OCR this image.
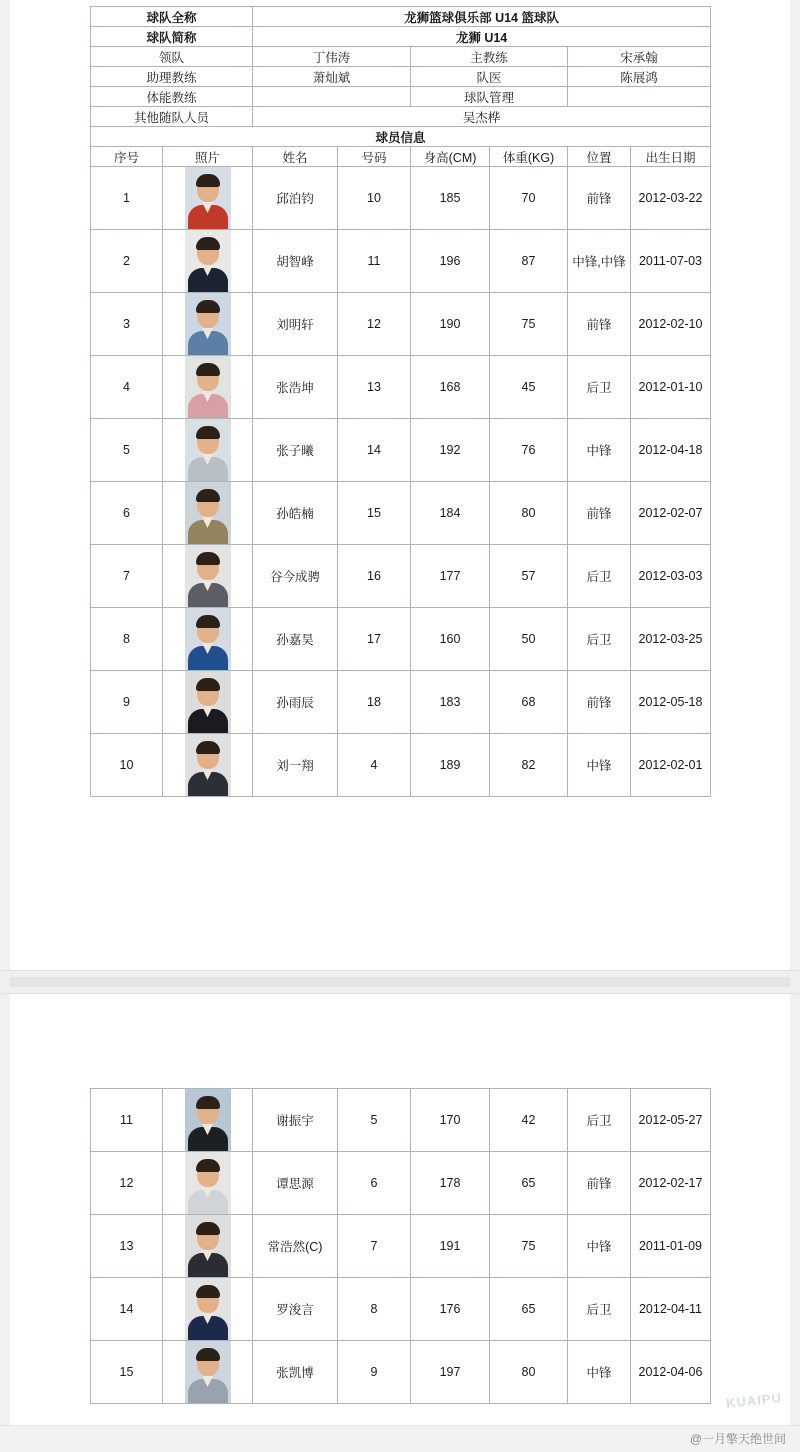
球队全称		龙狮篮球俱乐部 U14 篮球队					
球队简称		龙狮 U14					
领队		丁伟涛		主教练		宋承翰	
助理教练		萧灿斌		队医		陈展鸿	
体能教练				球队管理			
其他随队人员		吴杰桦					
球员信息							
序号	照片	姓名	号码	身高(CM)	体重(KG)	位置	出生日期
1		邱泊钧	10	185	70	前锋	2012-03-22
2		胡智峰	11	196	87	中锋,中锋	2011-07-03
3		刘明轩	12	190	75	前锋	2012-02-10
4		张浩坤	13	168	45	后卫	2012-01-10
5		张子曦	14	192	76	中锋	2012-04-18
6		孙皓楠	15	184	80	前锋	2012-02-07
7		谷今成骋	16	177	57	后卫	2012-03-03
8		孙嘉昊	17	160	50	后卫	2012-03-25
9		孙雨辰	18	183	68	前锋	2012-05-18
10		刘一翔	4	189	82	中锋	2012-02-01
11		谢振宇	5	170	42	后卫	2012-05-27
12		谭思源	6	178	65	前锋	2012-02-17
13		常浩然(C)	7	191	75	中锋	2011-01-09
14		罗浚言	8	176	65	后卫	2012-04-11
15		张凯博	9	197	80	中锋	2012-04-06
KUAIPU
@一月擎天绝世间
